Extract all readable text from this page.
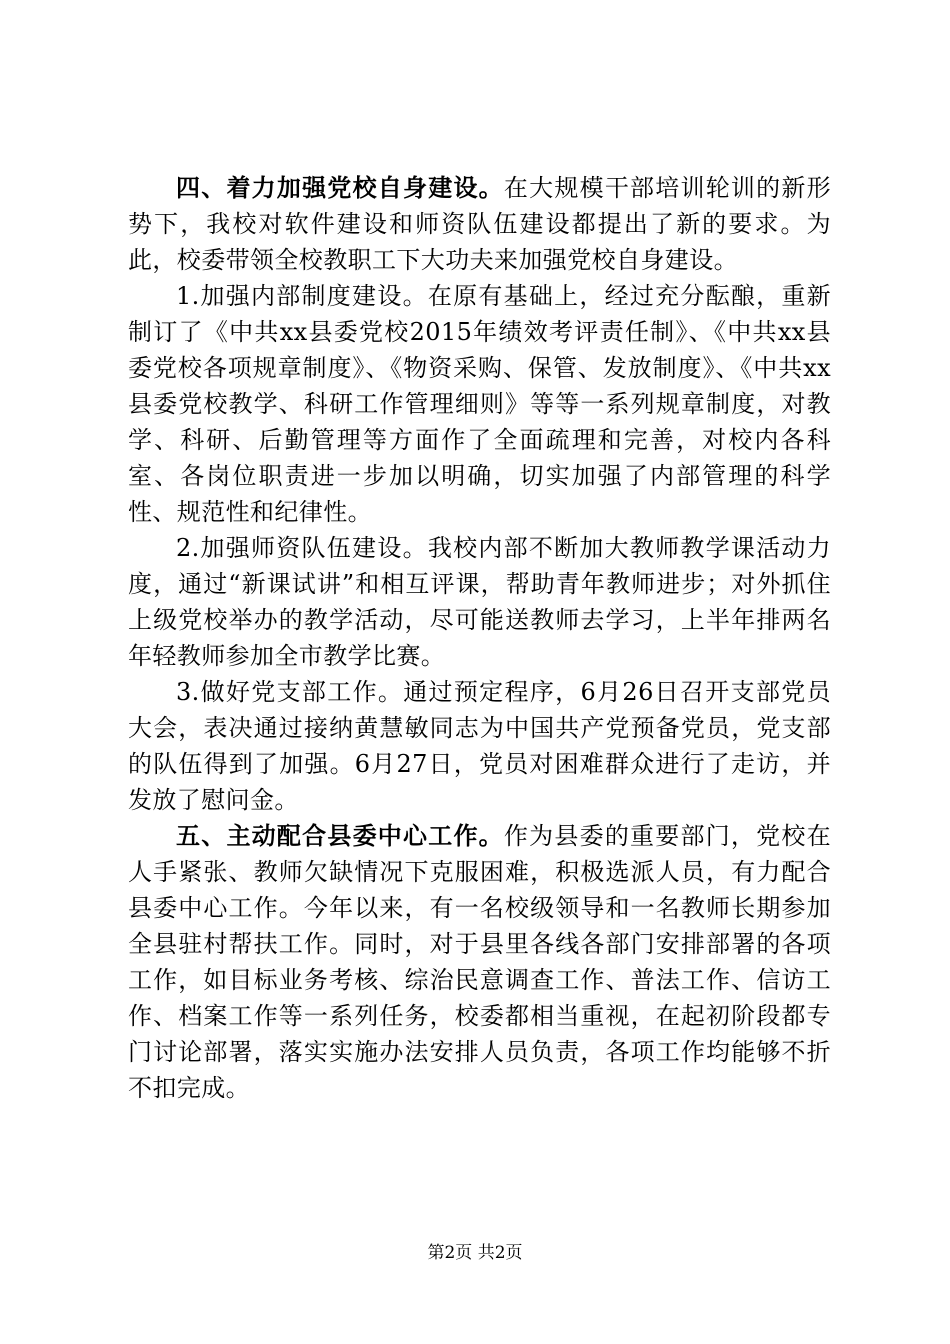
四、着力加强党校自身建设。在大规模干部培训轮训的新形势下，我校对软件建设和师资队伍建设都提出了新的要求。为此，校委带领全校教职工下大功夫来加强党校自身建设。

1.加强内部制度建设。在原有基础上，经过充分酝酿，重新制订了《中共xx县委党校2015年绩效考评责任制》、《中共xx县委党校各项规章制度》、《物资采购、保管、发放制度》、《中共xx县委党校教学、科研工作管理细则》等等一系列规章制度，对教学、科研、后勤管理等方面作了全面疏理和完善，对校内各科室、各岗位职责进一步加以明确，切实加强了内部管理的科学性、规范性和纪律性。

2.加强师资队伍建设。我校内部不断加大教师教学课活动力度，通过“新课试讲”和相互评课，帮助青年教师进步；对外抓住上级党校举办的教学活动，尽可能送教师去学习，上半年排两名年轻教师参加全市教学比赛。

3.做好党支部工作。通过预定程序，6月26日召开支部党员大会，表决通过接纳黄慧敏同志为中国共产党预备党员，党支部的队伍得到了加强。6月27日，党员对困难群众进行了走访，并发放了慰问金。

五、主动配合县委中心工作。作为县委的重要部门，党校在人手紧张、教师欠缺情况下克服困难，积极选派人员，有力配合县委中心工作。今年以来，有一名校级领导和一名教师长期参加全县驻村帮扶工作。同时，对于县里各线各部门安排部署的各项工作，如目标业务考核、综治民意调查工作、普法工作、信访工作、档案工作等一系列任务，校委都相当重视，在起初阶段都专门讨论部署，落实实施办法安排人员负责，各项工作均能够不折不扣完成。

第2页 共2页
